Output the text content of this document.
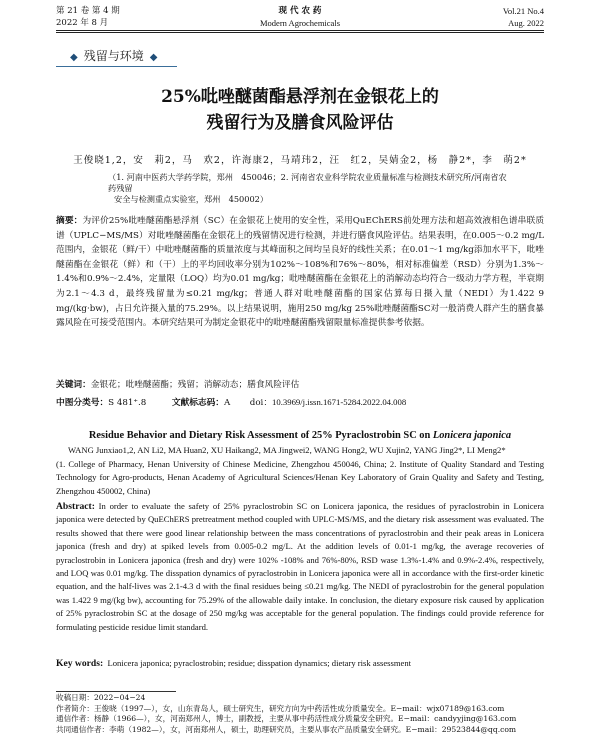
第 21 卷 第 4 期	现 代 农 药	Vol.21 No.4
2022 年 8 月	Modern Agrochemicals	Aug. 2022
◆ 残留与环境 ◆
25%吡唑醚菌酯悬浮剂在金银花上的
残留行为及膳食风险评估
王俊晓1,2，安　莉2，马　欢2，许海康2，马靖玮2，汪　红2，吴婧金2，杨　静2*，李　萌2*
（1. 河南中医药大学药学院，郑州　450046；2. 河南省农业科学院农业质量标准与检测技术研究所/河南省农药残留
安全与检测重点实验室，郑州　450002）
摘要：为评价25%吡唑醚菌酯悬浮剂（SC）在金银花上使用的安全性，采用QuEChERS前处理方法和超高效液相色谱串联质谱（UPLC−MS/MS）对吡唑醚菌酯在金银花上的残留情况进行检测，并进行膳食风险评估。结果表明，在0.005～0.2 mg/L范围内，金银花（鲜/干）中吡唑醚菌酯的质量浓度与其峰面积之间均呈良好的线性关系；在0.01～1 mg/kg添加水平下，吡唑醚菌酯在金银花（鲜）和（干）上的平均回收率分别为102%～108%和76%～80%，相对标准偏差（RSD）分别为1.3%～1.4%和0.9%～2.4%，定量限（LOQ）均为0.01 mg/kg；吡唑醚菌酯在金银花上的消解动态均符合一级动力学方程，半衰期为2.1～4.3 d，最终残留量为≤0.21 mg/kg；普通人群对吡唑醚菌酯的国家估算每日摄入量（NEDI）为1.422 9 mg/(kg·bw)，占日允许摄入量的75.29%。以上结果说明，施用250 mg/kg 25%吡唑醚菌酯SC对一般消费人群产生的膳食暴露风险在可接受范围内。本研究结果可为制定金银花中的吡唑醚菌酯残留限量标准提供参考依据。
关键词：金银花；吡唑醚菌酯；残留；消解动态；膳食风险评估
中图分类号：S 481⁺.8	文献标志码：A doi：10.3969/j.issn.1671-5284.2022.04.008
Residue Behavior and Dietary Risk Assessment of 25% Pyraclostrobin SC on Lonicera japonica
WANG Junxiao1,2, AN Li2, MA Huan2, XU Haikang2, MA Jingwei2, WANG Hong2, WU Xujin2, YANG Jing2*, LI Meng2*
(1. College of Pharmacy, Henan University of Chinese Medicine, Zhengzhou 450046, China; 2. Institute of Quality Standard and Testing Technology for Agro-products, Henan Academy of Agricultural Sciences/Henan Key Laboratory of Grain Quality and Safety and Testing, Zhengzhou 450002, China)
Abstract: In order to evaluate the safety of 25% pyraclostrobin SC on Lonicera japonica, the residues of pyraclostrobin in Lonicera japonica were detected by QuEChERS pretreatment method coupled with UPLC-MS/MS, and the dietary risk assessment was evaluated. The results showed that there were good linear relationship between the mass concentrations of pyraclostrobin and their peak areas in Lonicera japonica (fresh and dry) at spiked levels from 0.005-0.2 mg/L. At the addition levels of 0.01-1 mg/kg, the average recoveries of pyraclostrobin in Lonicera japonica (fresh and dry) were 102% -108% and 76%-80%, RSD wase 1.3%-1.4% and 0.9%-2.4%, respectively, and LOQ was 0.01 mg/kg. The disspation dynamics of pyraclostrobin in Lonicera japonica were all in accordance with the first-order kinetic equation, and the half-lives was 2.1-4.3 d with the final residues being ≤0.21 mg/kg. The NEDI of pyraclostrobin for the general population was 1.422 9 mg/(kg bw), accounting for 75.29% of the allowable daily intake. In conclusion, the dietary exposure risk caused by application of 25% pyraclostrobin SC at the dosage of 250 mg/kg was acceptable for the general population. The findings could provide reference for formulating pesticide residue limit standard.
Key words: Lonicera japonica; pyraclostrobin; residue; disspation dynamics; dietary risk assessment
收稿日期：2022−04−24
作者简介：王俊晓（1997—），女，山东青岛人，硕士研究生，研究方向为中药活性成分质量安全。E−mail：wjx07189@163.com
通信作者：杨静（1966—），女，河南郑州人，博士，副教授，主要从事中药活性成分质量安全研究。E−mail：candyyjing@163.com
共同通信作者：李萌（1982—），女，河南郑州人，硕士，助理研究员，主要从事农产品质量安全研究。E−mail：29523844@qq.com
